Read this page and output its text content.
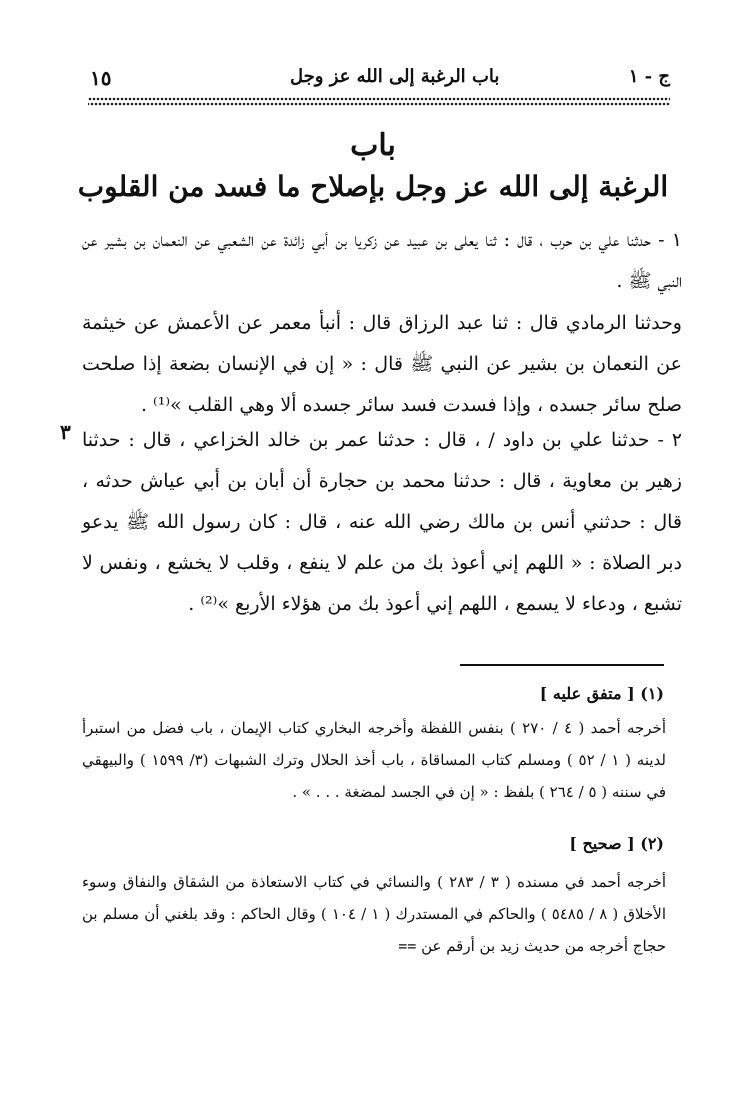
١٥	باب الرغبة إلى الله عز وجل	ج - ١
باب
الرغبة إلى الله عز وجل بإصلاح ما فسد من القلوب
١ - حدثنا علي بن حرب ، قال : ثنا يعلى بن عبيد عن زكريا بن أبي زائدة عن الشعبي عن النعمان بن بشير عن النبي ﷺ .
وحدثنا الرمادي قال : ثنا عبد الرزاق قال : أنبأ معمر عن الأعمش عن خيثمة عن النعمان بن بشير عن النبي ﷺ قال : « إن في الإنسان بضعة إذا صلحت صلح سائر جسده ، وإذا فسدت فسد سائر جسده ألا وهي القلب »⁽¹⁾ .
٣ ٢ - حدثنا علي بن داود / ، قال : حدثنا عمر بن خالد الخزاعي ، قال : حدثنا زهير بن معاوية ، قال : حدثنا محمد بن حجارة أن أبان بن أبي عياش حدثه ، قال : حدثني أنس بن مالك رضي الله عنه ، قال : كان رسول الله ﷺ يدعو دبر الصلاة : « اللهم إني أعوذ بك من علم لا ينفع ، وقلب لا يخشع ، ونفس لا تشبع ، ودعاء لا يسمع ، اللهم إني أعوذ بك من هؤلاء الأربع »⁽²⁾ .
(١) [ متفق عليه ]
أخرجه أحمد ( ٤ / ٢٧٠ ) بنفس اللفظة وأخرجه البخاري كتاب الإيمان ، باب فضل من استبرأ لدينه ( ١ / ٥٢ ) ومسلم كتاب المساقاة ، باب أخذ الحلال وترك الشبهات (٣/ ١٥٩٩ ) والبيهقي في سننه ( ٥ / ٢٦٤ ) بلفظ : « إن في الجسد لمضغة . . . » .
(٢) [ صحيح ]
أخرجه أحمد في مسنده ( ٣ / ٢٨٣ ) والنسائي في كتاب الاستعاذة من الشقاق والنفاق وسوء الأخلاق ( ٨ / ٥٤٨٥ ) والحاكم في المستدرك ( ١ / ١٠٤ ) وقال الحاكم : وقد بلغني أن مسلم بن حجاج أخرجه من حديث زيد بن أرقم عن ==
